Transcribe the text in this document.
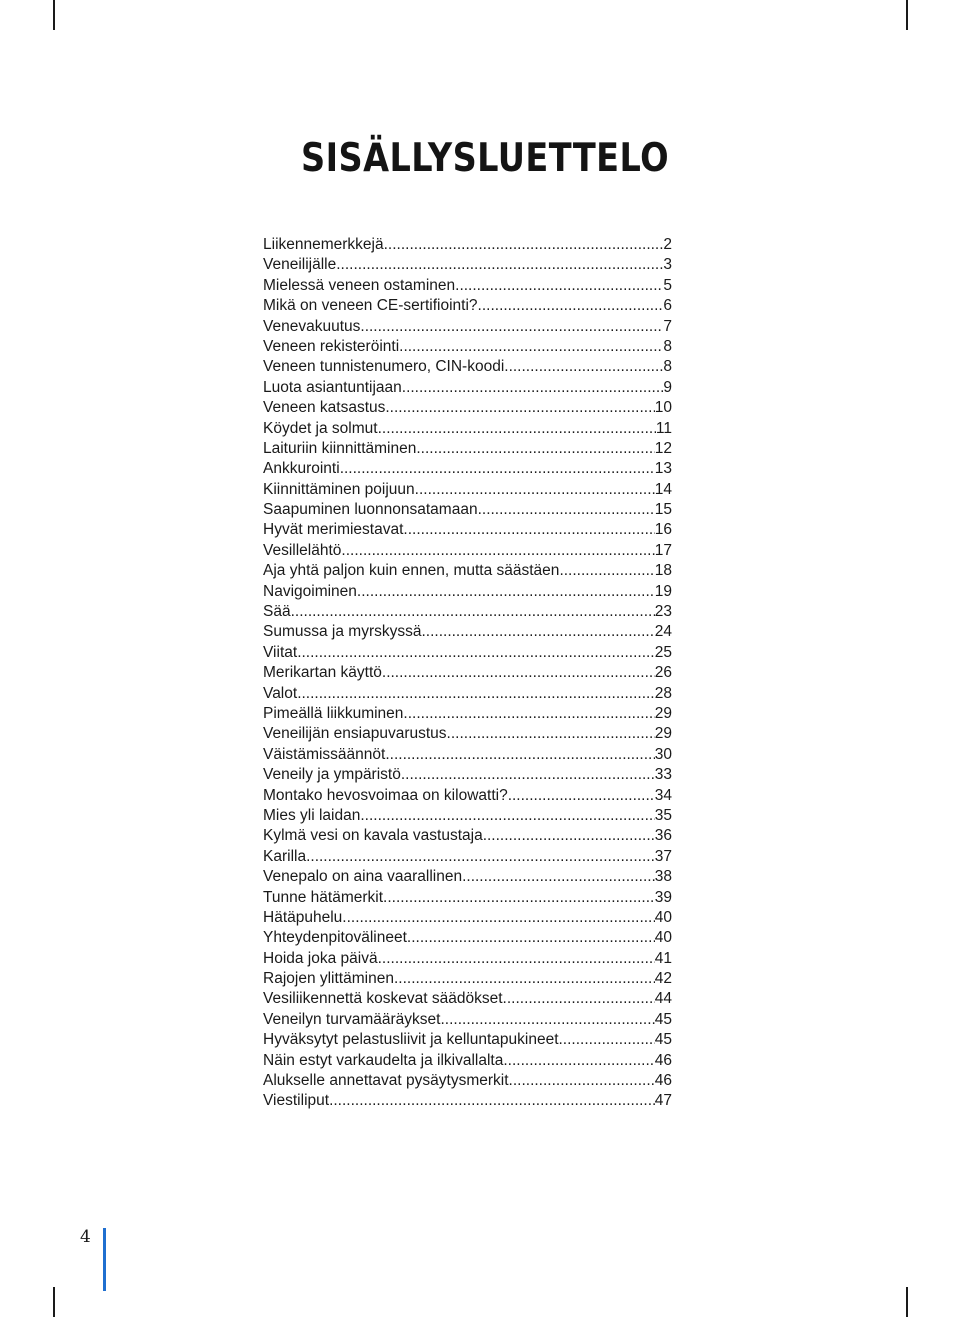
SISÄLLYSLUETTELO
Liikennemerkkejä .....	2
Veneilijälle .....	3
Mielessä veneen ostaminen .....	5
Mikä on veneen CE-sertifiointi? .....	6
Venevakuutus .....	7
Veneen rekisteröinti .....	8
Veneen tunnistenumero, CIN-koodi .....	8
Luota asiantuntijaan .....	9
Veneen katsastus .....	10
Köydet ja solmut .....	11
Laituriin kiinnittäminen .....	12
Ankkurointi .....	13
Kiinnittäminen poijuun .....	14
Saapuminen luonnonsatamaan .....	15
Hyvät merimiestavat .....	16
Vesillelähtö .....	17
Aja yhtä paljon kuin ennen, mutta säästäen .....	18
Navigoiminen .....	19
Sää .....	23
Sumussa ja myrskyssä .....	24
Viitat .....	25
Merikartan käyttö .....	26
Valot .....	28
Pimeällä liikkuminen .....	29
Veneilijän ensiapuvarustus .....	29
Väistämissäännöt .....	30
Veneily ja ympäristö .....	33
Montako hevosvoimaa on kilowatti? .....	34
Mies yli laidan .....	35
Kylmä vesi on kavala vastustaja .....	36
Karilla .....	37
Venepalo on aina vaarallinen .....	38
Tunne hätämerkit .....	39
Hätäpuhelu .....	40
Yhteydenpitovälineet .....	40
Hoida joka päivä .....	41
Rajojen ylittäminen .....	42
Vesiliikennettä koskevat säädökset .....	44
Veneilyn turvamääräykset .....	45
Hyväksytyt pelastusliivit ja kelluntapukineet .....	45
Näin estyt varkaudelta ja ilkivallalta .....	46
Alukselle annettavat pysäytysmerkit .....	46
Viestiliput .....	47
4
